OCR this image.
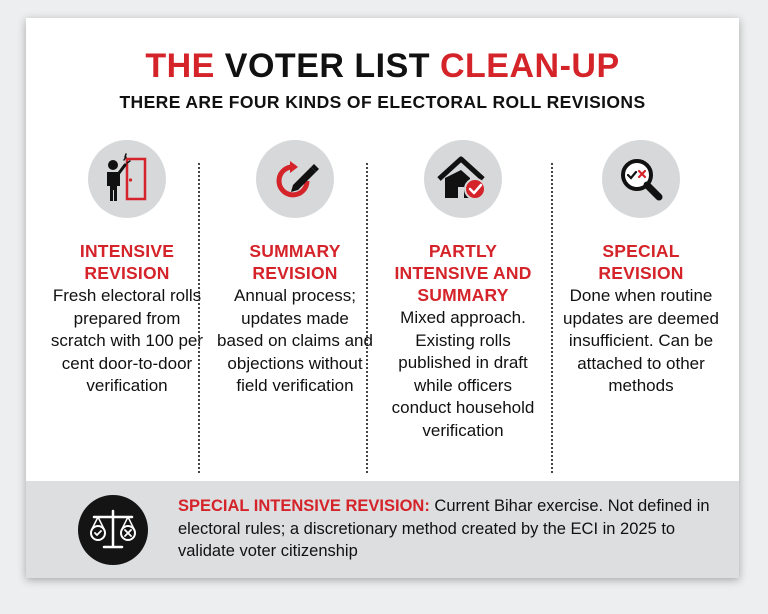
THE VOTER LIST CLEAN-UP
THERE ARE FOUR KINDS OF ELECTORAL ROLL REVISIONS
INTENSIVE REVISION
Fresh electoral rolls prepared from scratch with 100 per cent door-to-door verification
SUMMARY REVISION
Annual process; updates made based on claims and objections without field verification
PARTLY INTENSIVE AND SUMMARY
Mixed approach. Existing rolls published in draft while officers conduct household verification
SPECIAL REVISION
Done when routine updates are deemed insufficient. Can be attached to other methods
SPECIAL INTENSIVE REVISION: Current Bihar exercise. Not defined in electoral rules; a discretionary method created by the ECI in 2025 to validate voter citizenship
